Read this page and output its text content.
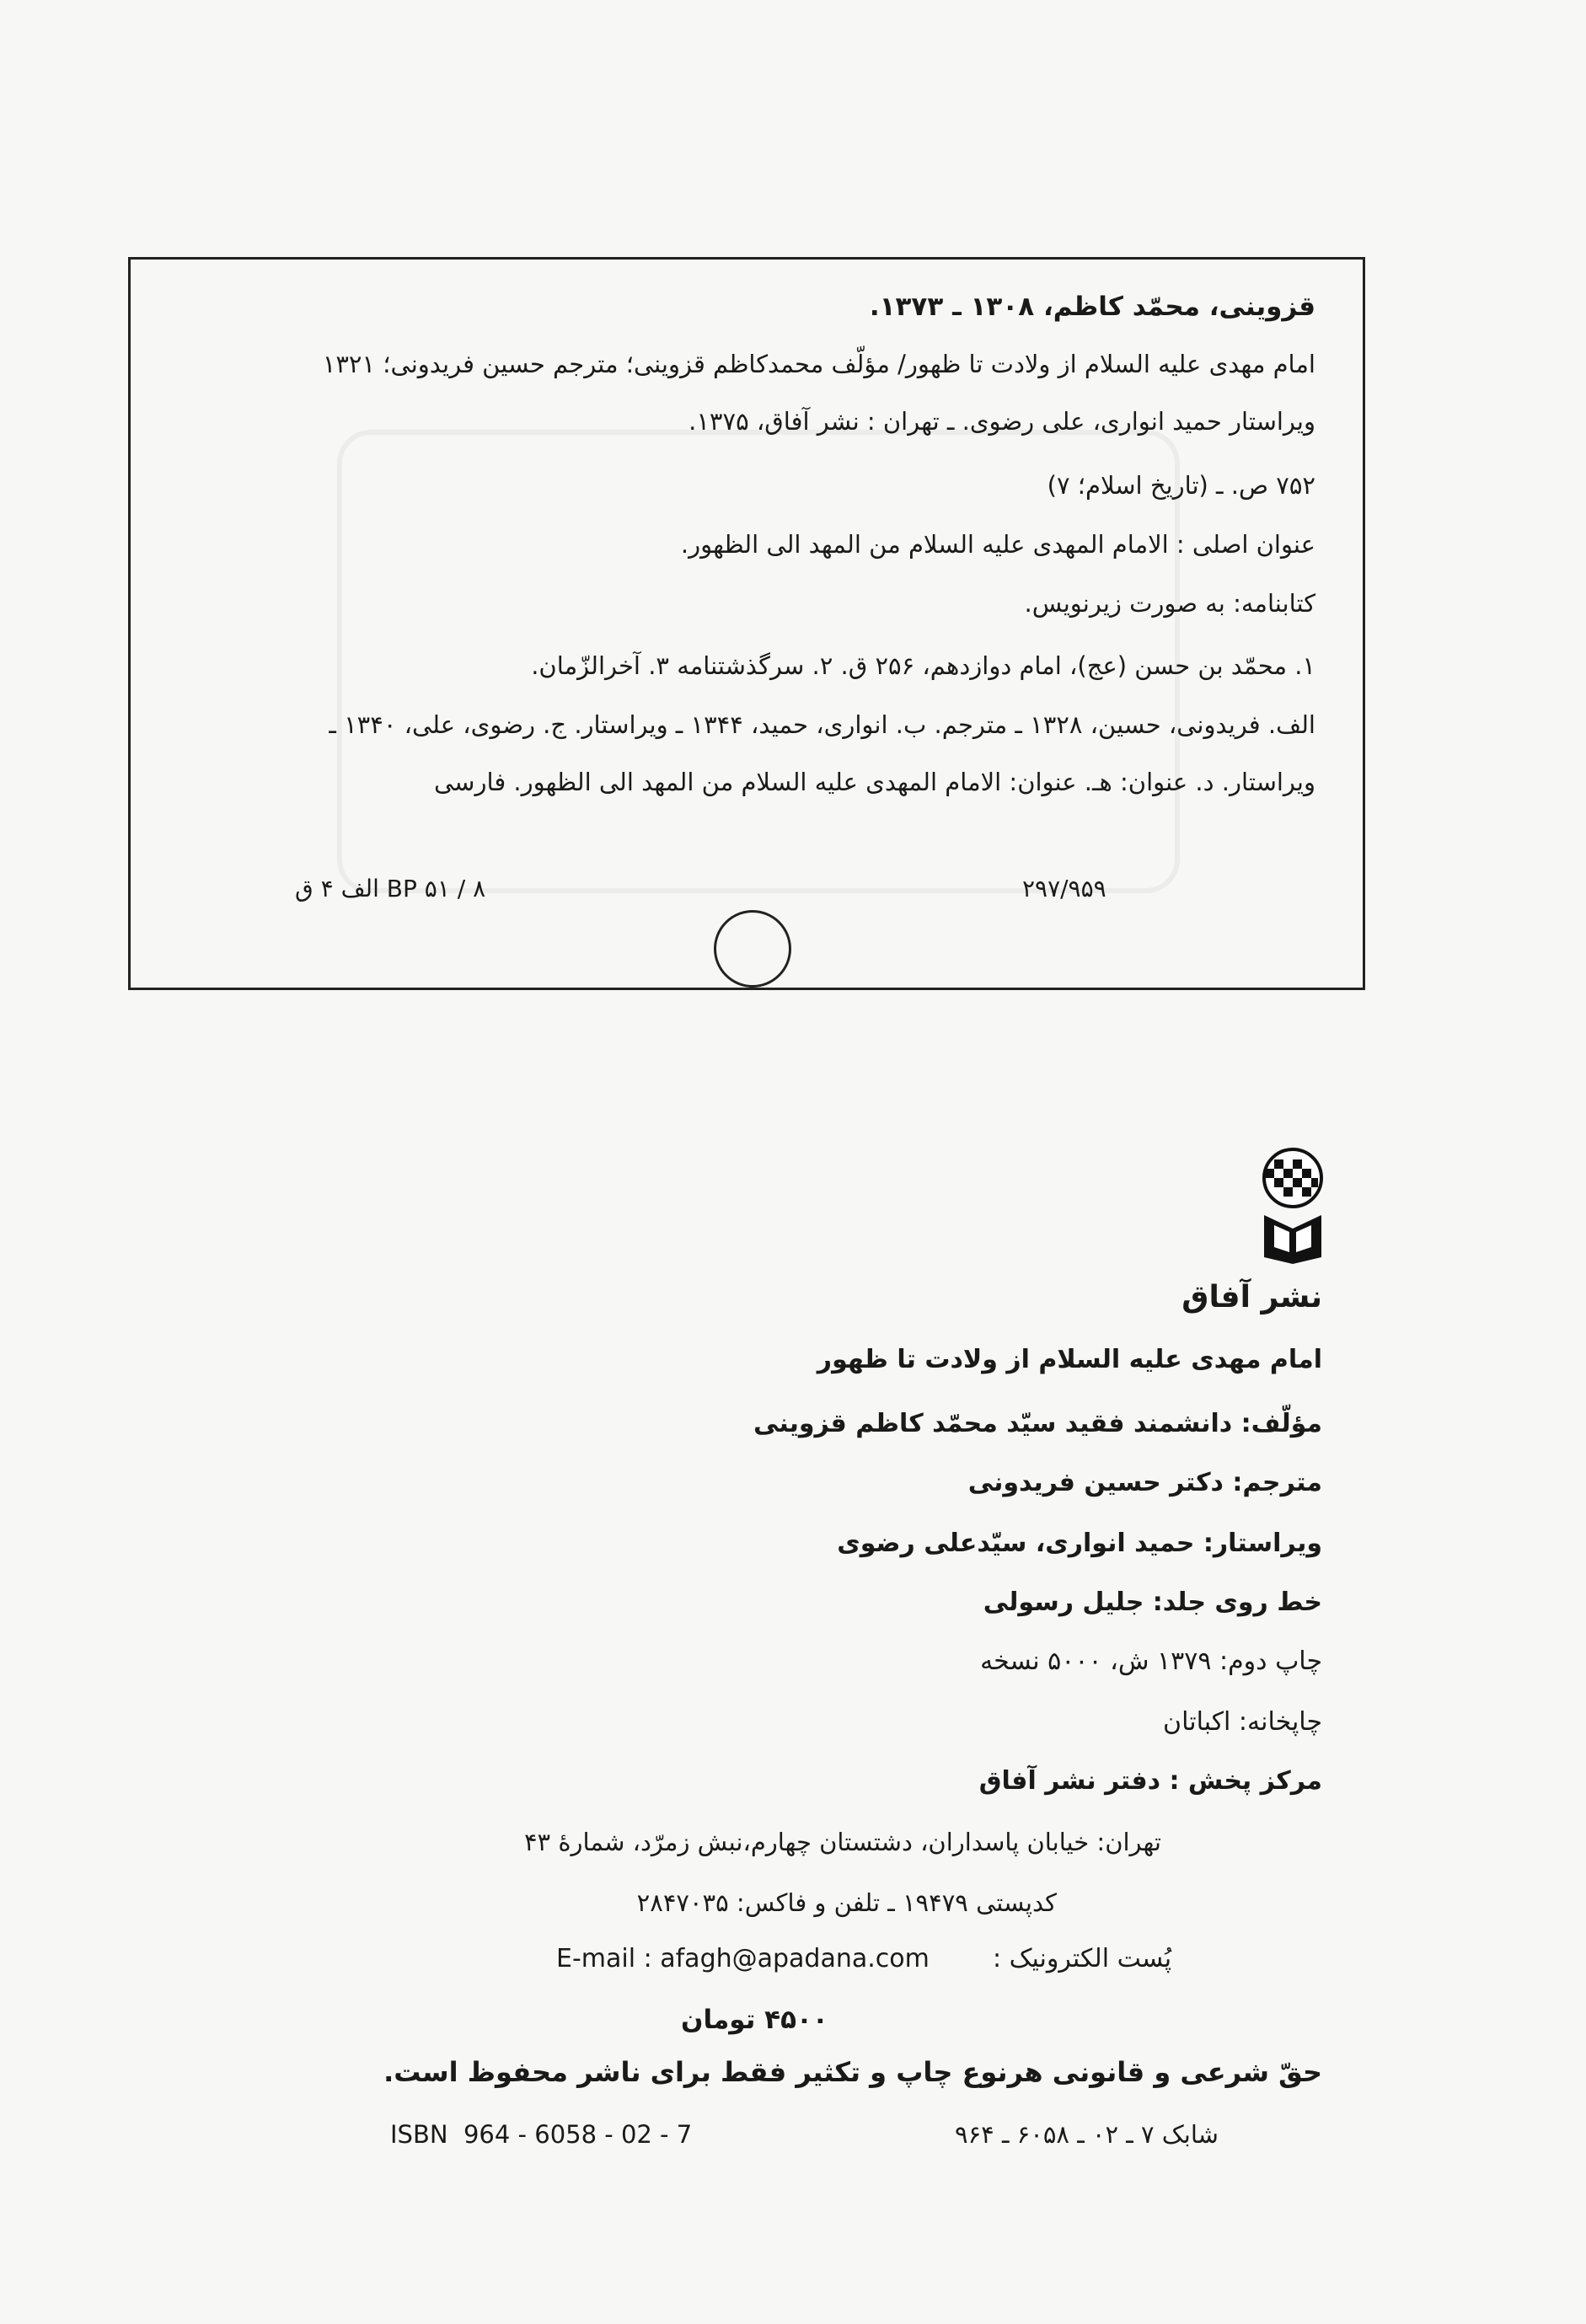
قزوینی، محمّد کاظم، ۱۳۰۸ ـ ۱۳۷۳.
امام مهدی علیه السلام از ولادت تا ظهور/ مؤلّف محمدکاظم قزوینی؛ مترجم حسین فریدونی؛ ۱۳۲۱
ویراستار حمید انواری، علی رضوی. ـ تهران : نشر آفاق، ۱۳۷۵.
۷۵۲ ص. ـ (تاریخ اسلام؛ ۷)
عنوان اصلی : الامام المهدی علیه السلام من المهد الی الظهور.
کتابنامه: به صورت زیرنویس.
۱. محمّد بن حسن (عج)، امام دوازدهم، ۲۵۶ ق. ۲. سرگذشتنامه ۳. آخرالزّمان.
الف. فریدونی، حسین، ۱۳۲۸ ـ مترجم. ب. انواری، حمید، ۱۳۴۴ ـ ویراستار. ج. رضوی، علی، ۱۳۴۰ ـ
ویراستار. د. عنوان: هـ. عنوان: الامام المهدی علیه السلام من المهد الی الظهور. فارسی
۲۹۷/۹۵۹
BP ۵۱ / ۸ الف ۴ ق
نشر آفاق
امام مهدی علیه السلام از ولادت تا ظهور
مؤلّف: دانشمند فقید سیّد محمّد کاظم قزوینی
مترجم: دکتر حسین فریدونی
ویراستار: حمید انواری، سیّدعلی رضوی
خط روی جلد: جلیل رسولی
چاپ دوم: ۱۳۷۹ ش، ۵۰۰۰ نسخه
چاپخانه: اکباتان
مرکز پخش : دفتر نشر آفاق
تهران: خیابان پاسداران، دشتستان چهارم،نبش زمرّد، شمارهٔ ۴۳
کدپستی ۱۹۴۷۹ ـ تلفن و فاکس: ۲۸۴۷۰۳۵
پُست الکترونیک :
E-mail : afagh@apadana.com
۴۵۰۰ تومان
حقّ شرعی و قانونی هرنوع چاپ و تکثیر فقط برای ناشر محفوظ است.
شابک ۷ ـ ۰۲ ـ ۶۰۵۸ ـ ۹۶۴
ISBN  964 - 6058 - 02 - 7
